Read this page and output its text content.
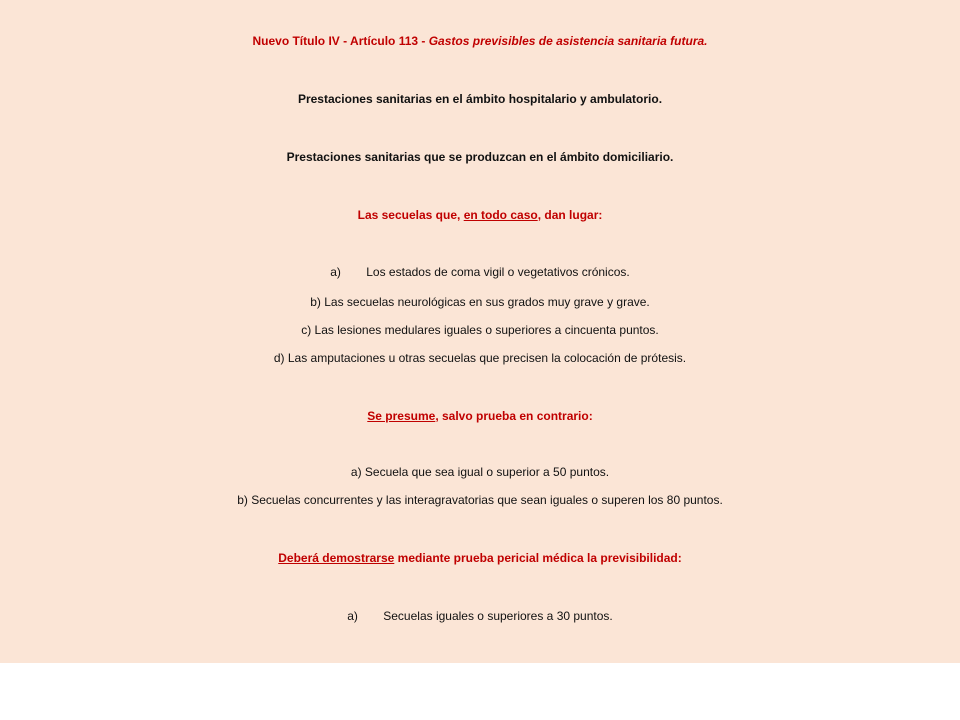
Nuevo Título IV - Artículo 113 - Gastos previsibles de asistencia sanitaria futura.
Prestaciones sanitarias en el ámbito hospitalario y ambulatorio.
Prestaciones sanitarias que se produzcan en el ámbito domiciliario.
Las secuelas que, en todo caso, dan lugar:
a) Los estados de coma vigil o vegetativos crónicos.
b) Las secuelas neurológicas en sus grados muy grave y grave.
c) Las lesiones medulares iguales o superiores a cincuenta puntos.
d) Las amputaciones u otras secuelas que precisen la colocación de prótesis.
Se presume, salvo prueba en contrario:
a) Secuela que sea igual o superior a 50 puntos.
b) Secuelas concurrentes y las interagravatorias que sean iguales o superen los 80 puntos.
Deberá demostrarse mediante prueba pericial médica la previsibilidad:
a) Secuelas iguales o superiores a 30 puntos.
